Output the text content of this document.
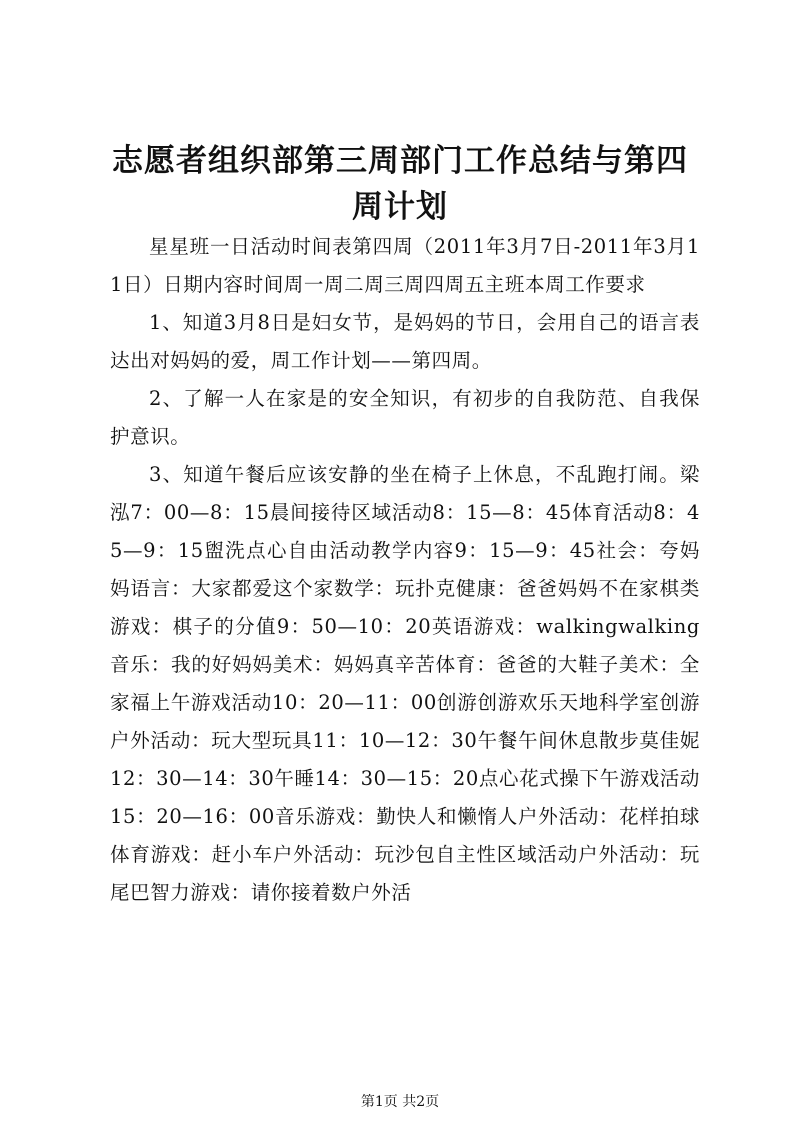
志愿者组织部第三周部门工作总结与第四周计划

星星班一日活动时间表第四周（2011年3月7日-2011年3月11日）日期内容时间周一周二周三周四周五主班本周工作要求

1、知道3月8日是妇女节，是妈妈的节日，会用自己的语言表达出对妈妈的爱，周工作计划——第四周。

2、了解一人在家是的安全知识，有初步的自我防范、自我保护意识。

3、知道午餐后应该安静的坐在椅子上休息，不乱跑打闹。梁泓7：00—8：15晨间接待区域活动8：15—8：45体育活动8：45—9：15盥洗点心自由活动教学内容9：15—9：45社会：夸妈妈语言：大家都爱这个家数学：玩扑克健康：爸爸妈妈不在家棋类游戏：棋子的分值9：50—10：20英语游戏：walkingwalking音乐：我的好妈妈美术：妈妈真辛苦体育：爸爸的大鞋子美术：全家福上午游戏活动10：20—11：00创游创游欢乐天地科学室创游户外活动：玩大型玩具11：10—12：30午餐午间休息散步莫佳妮12：30—14：30午睡14：30—15：20点心花式操下午游戏活动15：20—16：00音乐游戏：勤快人和懒惰人户外活动：花样拍球体育游戏：赶小车户外活动：玩沙包自主性区域活动户外活动：玩尾巴智力游戏：请你接着数户外活

第1页 共2页
